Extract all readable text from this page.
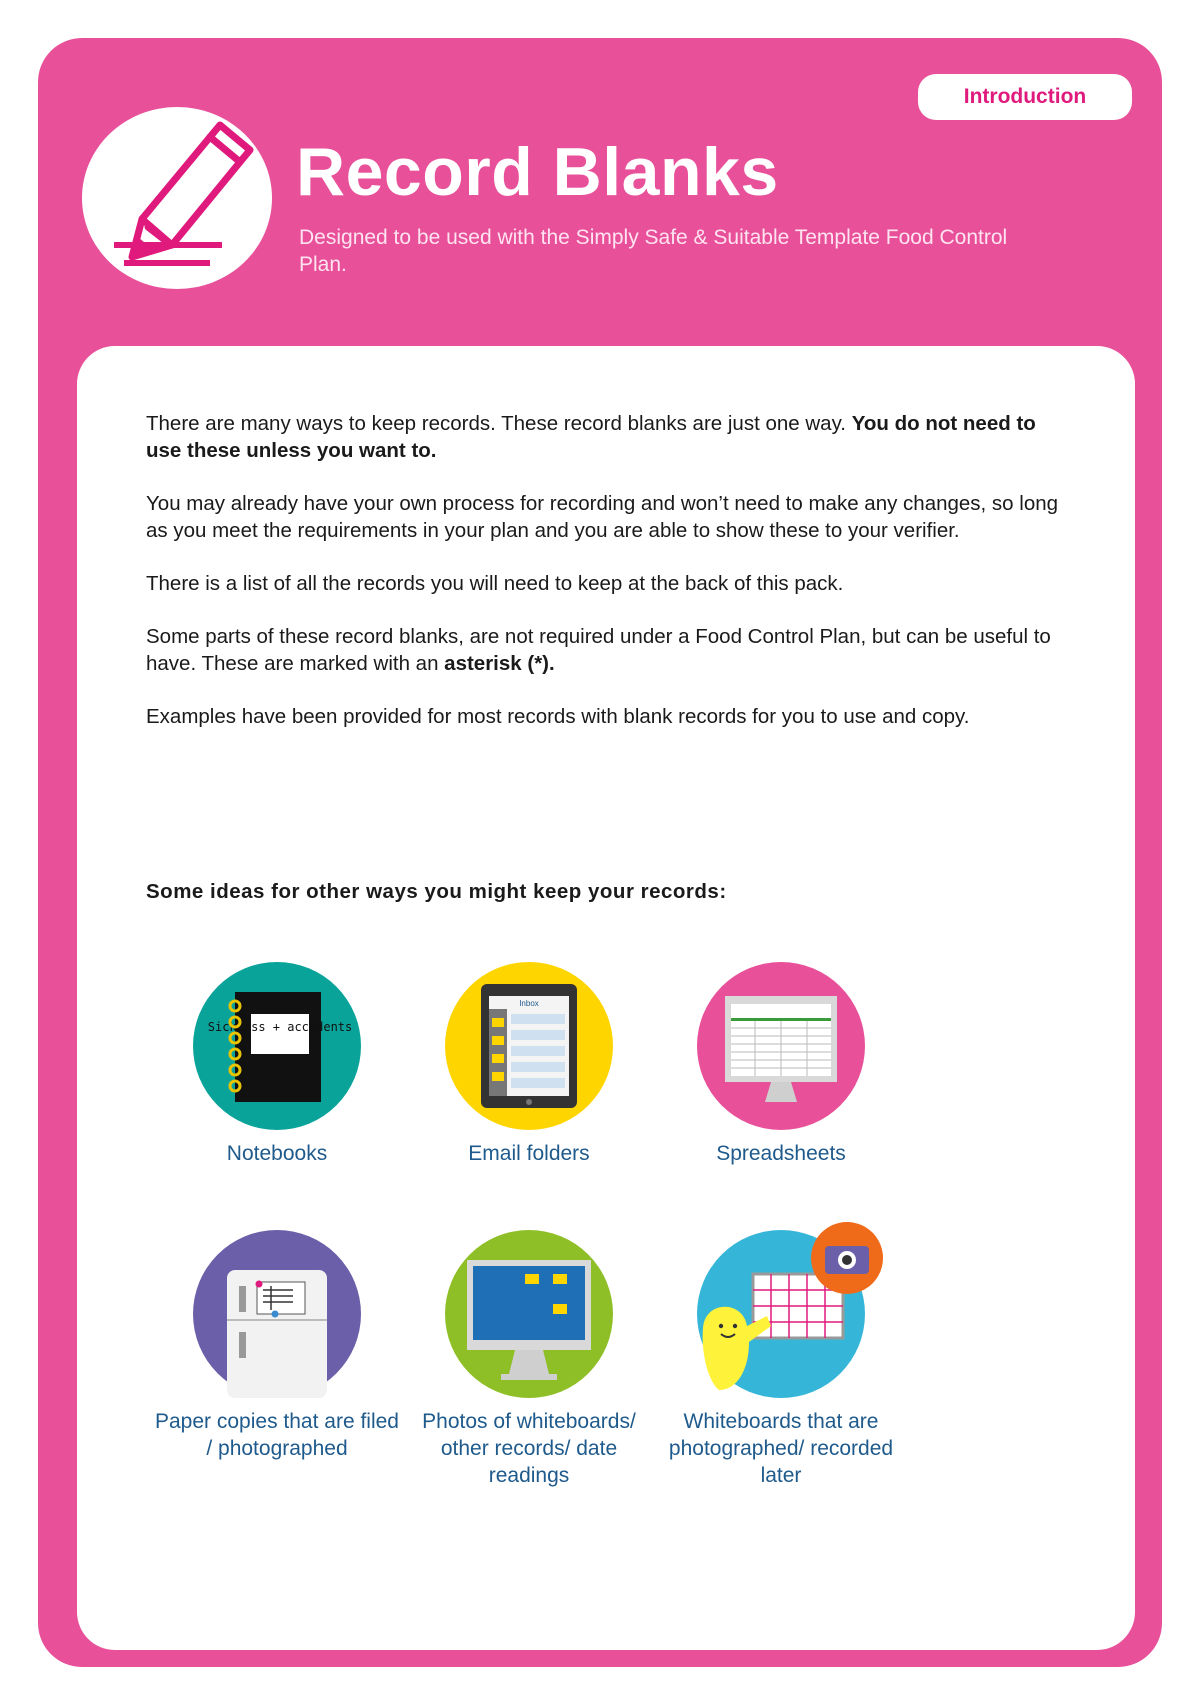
Introduction
Record Blanks

Designed to be used with the Simply Safe & Suitable Template Food Control Plan.

There are many ways to keep records. These record blanks are just one way. You do not need to use these unless you want to.

You may already have your own process for recording and won’t need to make any changes, so long as you meet the requirements in your plan and you are able to show these to your verifier.

There is a list of all the records you will need to keep at the back of this pack.

Some parts of these record blanks, are not required under a Food Control Plan, but can be useful to have. These are marked with an asterisk (*).

Examples have been provided for most records with blank records for you to use and copy.

Some ideas for other ways you might keep your records:

Sickness + accidents
Notebooks
Inbox
Email folders	Spreadsheets
Paper copies that are filed / photographed
Photos of whiteboards/ other records/ date readings
Whiteboards that are photographed/ recorded later
